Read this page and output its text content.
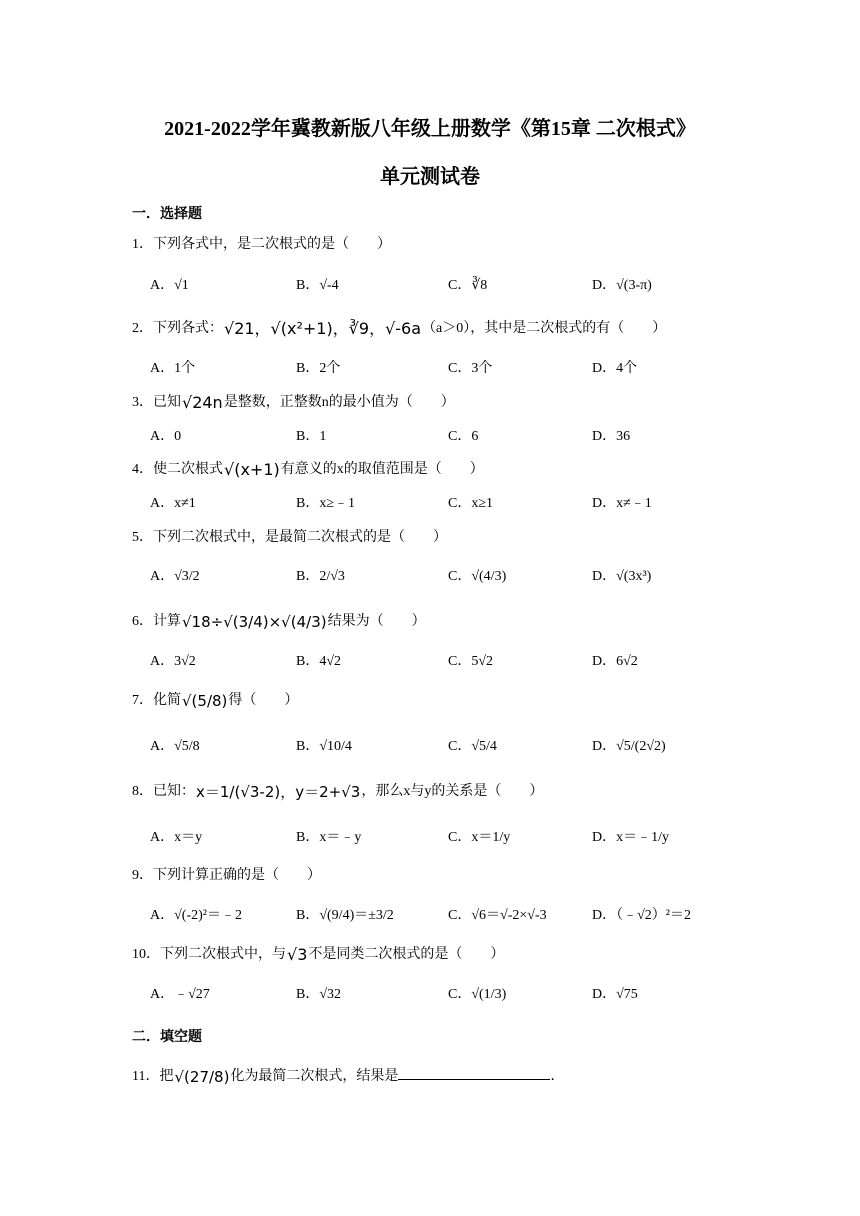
2021-2022学年冀教新版八年级上册数学《第15章 二次根式》
单元测试卷
一．选择题
1．下列各式中，是二次根式的是（　　）
A．√1	B．√-4	C．∛8	D．√(3-π)
2．下列各式：√21，√(x²+1)，∛9，√-6a（a＞0），其中是二次根式的有（　　）
A．1个	B．2个	C．3个	D．4个
3．已知√24n是整数，正整数n的最小值为（　　）
A．0	B．1	C．6	D．36
4．使二次根式√(x+1)有意义的x的取值范围是（　　）
A．x≠1	B．x≥﹣1	C．x≥1	D．x≠﹣1
5．下列二次根式中，是最简二次根式的是（　　）
A．√3/2	B．2/√3	C．√(4/3)	D．√(3x³)
6．计算√18÷√(3/4)×√(4/3)结果为（　　）
A．3√2	B．4√2	C．5√2	D．6√2
7．化简√(5/8)得（　　）
A．√5/8	B．√10/4	C．√5/4	D．√5/(2√2)
8．已知：x＝1/(√3-2)，y＝2+√3，那么x与y的关系是（　　）
A．x＝y	B．x＝﹣y	C．x＝1/y	D．x＝﹣1/y
9．下列计算正确的是（　　）
A．√(-2)²＝﹣2	B．√(9/4)＝±3/2	C．√6＝√-2×√-3	D．（﹣√2）²＝2
10．下列二次根式中，与√3不是同类二次根式的是（　　）
A．﹣√27	B．√32	C．√(1/3)	D．√75
二．填空题
11．把√(27/8)化为最简二次根式，结果是	．
